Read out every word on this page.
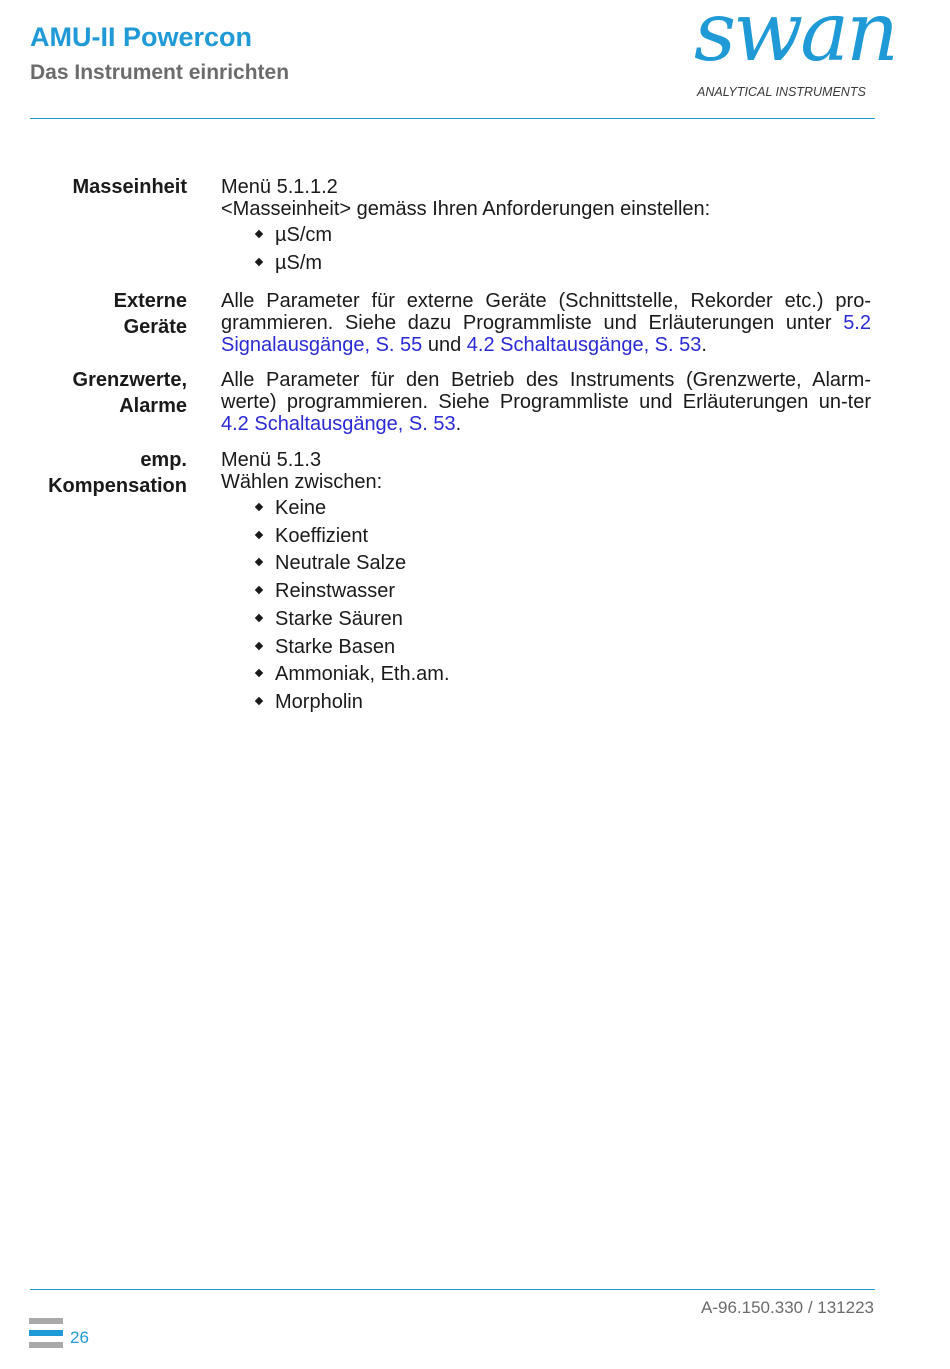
AMU-II Powercon
Das Instrument einrichten	swan
ANALYTICAL INSTRUMENTS
Masseinheit Menü 5.1.1.2
<Masseinheit> gemäss Ihren Anforderungen einstellen:
µS/cm
µS/m
Externe
Geräte
Alle Parameter für externe Geräte (Schnittstelle, Rekorder etc.) pro-grammieren. Siehe dazu Programmliste und Erläuterungen unter 5.2 Signalausgänge, S. 55 und 4.2 Schaltausgänge, S. 53.
Grenzwerte,
Alarme
Alle Parameter für den Betrieb des Instruments (Grenzwerte, Alarm-werte) programmieren. Siehe Programmliste und Erläuterungen un-ter 4.2 Schaltausgänge, S. 53.
emp.
Kompensation
Menü 5.1.3
Wählen zwischen:
Keine
Koeffizient
Neutrale Salze
Reinstwasser
Starke Säuren
Starke Basen
Ammoniak, Eth.am.
Morpholin
A-96.150.330 / 131223
26
